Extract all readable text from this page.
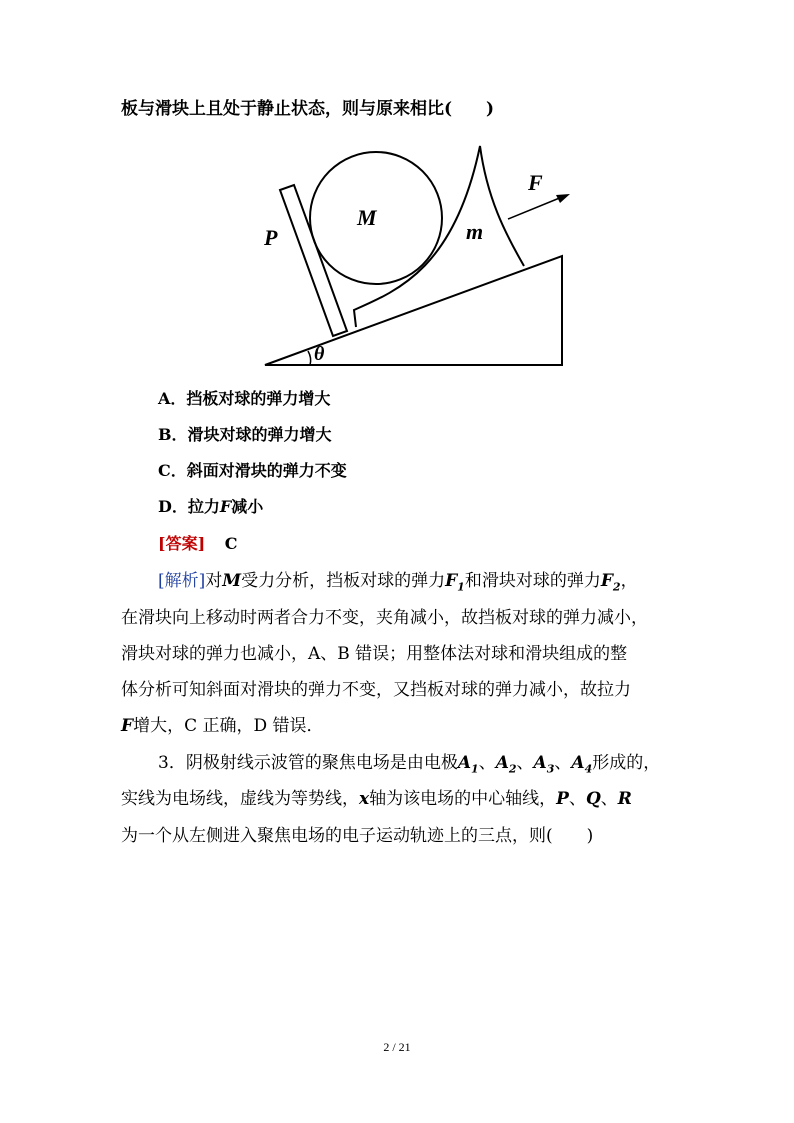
板与滑块上且处于静止状态，则与原来相比(　　)
P
M
m
F
θ
A．挡板对球的弹力增大
B．滑块对球的弹力增大
C．斜面对滑块的弹力不变
D．拉力F减小
[答案] C
[解析]对M受力分析，挡板对球的弹力$F_1$和滑块对球的弹力$F_2$，
在滑块向上移动时两者合力不变，夹角减小，故挡板对球的弹力减小，
滑块对球的弹力也减小，A、B 错误；用整体法对球和滑块组成的整
体分析可知斜面对滑块的弹力不变，又挡板对球的弹力减小，故拉力
F增大，C 正确，D 错误．
3．阴极射线示波管的聚焦电场是由电极$A_1$、$A_2$、$A_3$、$A_4$形成的，
实线为电场线，虚线为等势线，x轴为该电场的中心轴线，P、Q、R
为一个从左侧进入聚焦电场的电子运动轨迹上的三点，则(　　)
2 / 21
